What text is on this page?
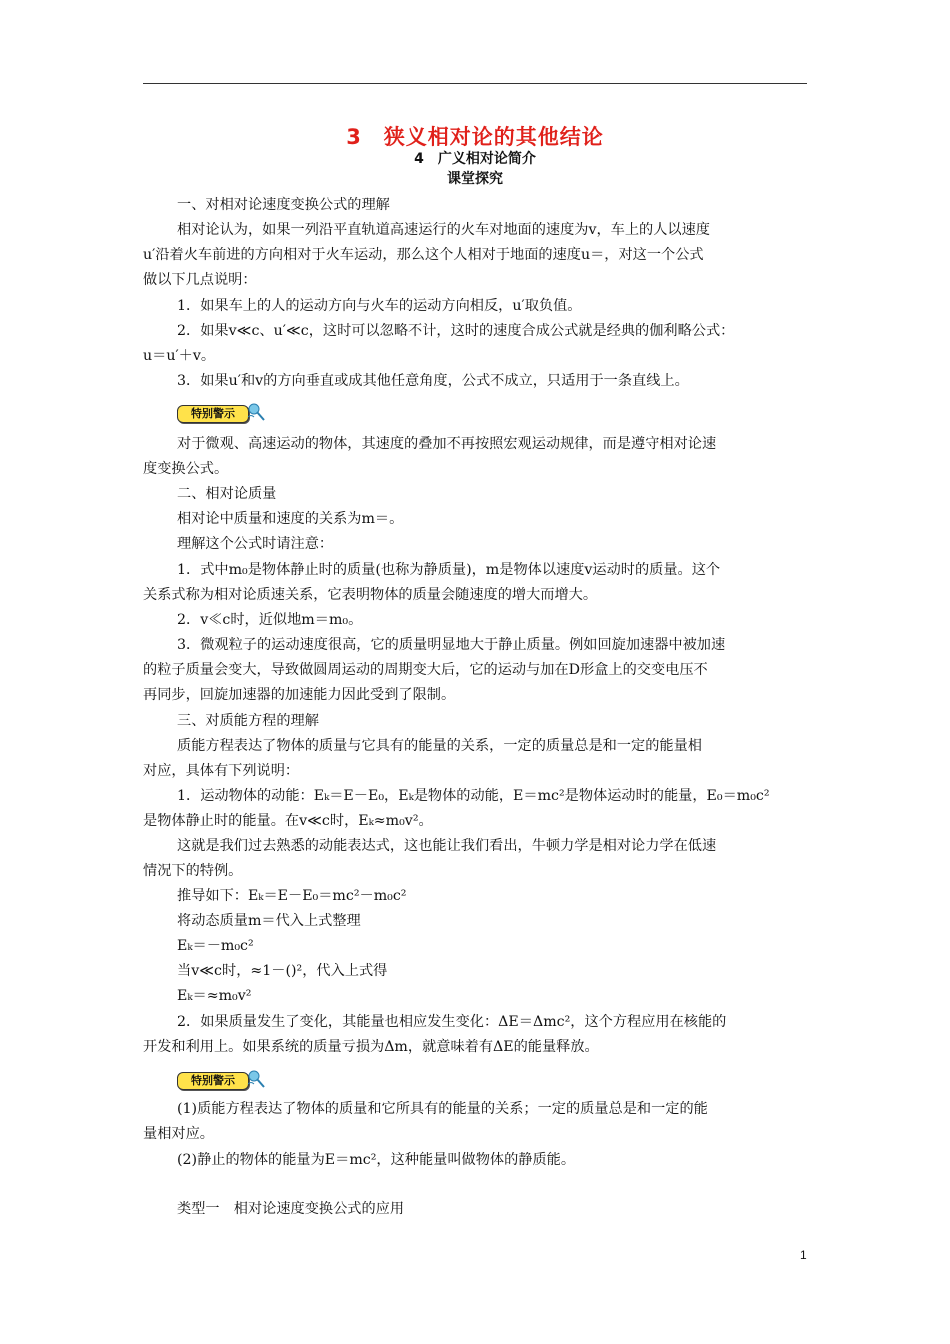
3　狭义相对论的其他结论
4　广义相对论简介
课堂探究
一、对相对论速度变换公式的理解
相对论认为，如果一列沿平直轨道高速运行的火车对地面的速度为v，车上的人以速度
u′沿着火车前进的方向相对于火车运动，那么这个人相对于地面的速度u＝，对这一个公式
做以下几点说明：
1．如果车上的人的运动方向与火车的运动方向相反，u′取负值。
2．如果v≪c、u′≪c，这时可以忽略不计，这时的速度合成公式就是经典的伽利略公式：
u＝u′＋v。
3．如果u′和v的方向垂直或成其他任意角度，公式不成立，只适用于一条直线上。
特别警示
对于微观、高速运动的物体，其速度的叠加不再按照宏观运动规律，而是遵守相对论速
度变换公式。
二、相对论质量
相对论中质量和速度的关系为m＝。
理解这个公式时请注意：
1．式中m₀是物体静止时的质量(也称为静质量)，m是物体以速度v运动时的质量。这个
关系式称为相对论质速关系，它表明物体的质量会随速度的增大而增大。
2．v≪c时，近似地m＝m₀。
3．微观粒子的运动速度很高，它的质量明显地大于静止质量。例如回旋加速器中被加速
的粒子质量会变大，导致做圆周运动的周期变大后，它的运动与加在D形盒上的交变电压不
再同步，回旋加速器的加速能力因此受到了限制。
三、对质能方程的理解
质能方程表达了物体的质量与它具有的能量的关系，一定的质量总是和一定的能量相
对应，具体有下列说明：
1．运动物体的动能：Eₖ＝E－E₀，Eₖ是物体的动能，E＝mc²是物体运动时的能量，E₀＝m₀c²
是物体静止时的能量。在v≪c时，Eₖ≈m₀v²。
这就是我们过去熟悉的动能表达式，这也能让我们看出，牛顿力学是相对论力学在低速
情况下的特例。
推导如下：Eₖ＝E－E₀＝mc²－m₀c²
将动态质量m＝代入上式整理
Eₖ＝－m₀c²
当v≪c时，≈1－()²，代入上式得
Eₖ＝≈m₀v²
2．如果质量发生了变化，其能量也相应发生变化：ΔE＝Δmc²，这个方程应用在核能的
开发和利用上。如果系统的质量亏损为Δm，就意味着有ΔE的能量释放。
特别警示
(1)质能方程表达了物体的质量和它所具有的能量的关系；一定的质量总是和一定的能
量相对应。
(2)静止的物体的能量为E＝mc²，这种能量叫做物体的静质能。
类型一　相对论速度变换公式的应用
1
